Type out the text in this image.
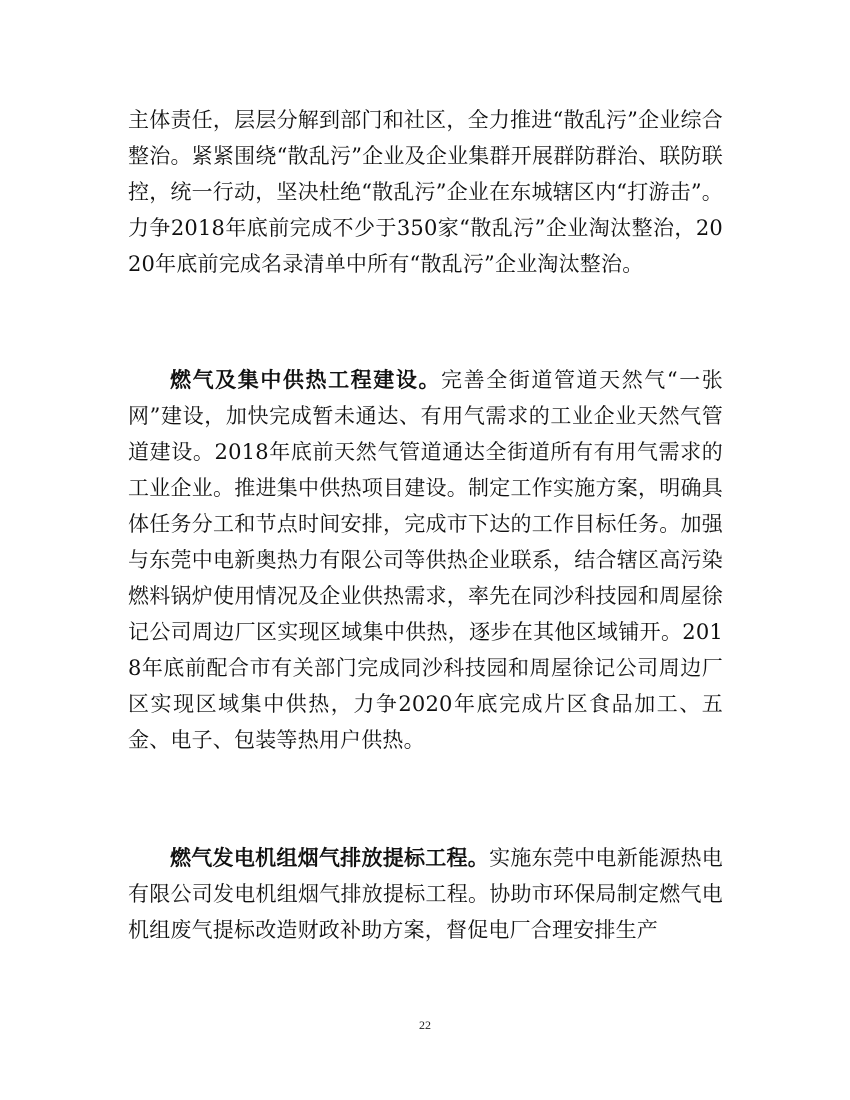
主体责任，层层分解到部门和社区，全力推进“散乱污”企业综合整治。紧紧围绕“散乱污”企业及企业集群开展群防群治、联防联控，统一行动，坚决杜绝“散乱污”企业在东城辖区内“打游击”。力争2018年底前完成不少于350家“散乱污”企业淘汰整治，2020年底前完成名录清单中所有“散乱污”企业淘汰整治。
燃气及集中供热工程建设。完善全街道管道天然气“一张网”建设，加快完成暂未通达、有用气需求的工业企业天然气管道建设。2018年底前天然气管道通达全街道所有有用气需求的工业企业。推进集中供热项目建设。制定工作实施方案，明确具体任务分工和节点时间安排，完成市下达的工作目标任务。加强与东莞中电新奥热力有限公司等供热企业联系，结合辖区高污染燃料锅炉使用情况及企业供热需求，率先在同沙科技园和周屋徐记公司周边厂区实现区域集中供热，逐步在其他区域铺开。2018年底前配合市有关部门完成同沙科技园和周屋徐记公司周边厂区实现区域集中供热，力争2020年底完成片区食品加工、五金、电子、包装等热用户供热。
燃气发电机组烟气排放提标工程。实施东莞中电新能源热电有限公司发电机组烟气排放提标工程。协助市环保局制定燃气电机组废气提标改造财政补助方案，督促电厂合理安排生产
22
